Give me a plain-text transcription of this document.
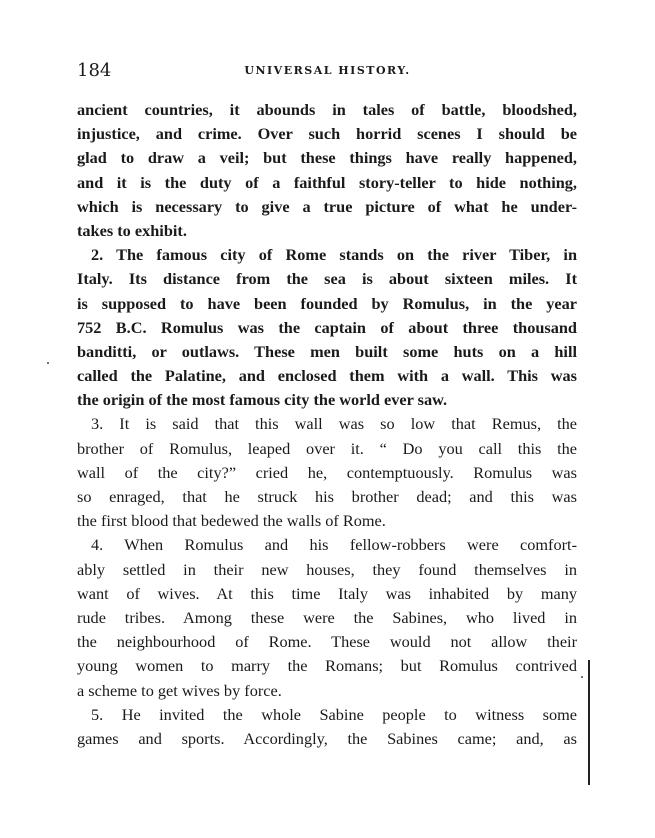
184	UNIVERSAL HISTORY.
ancient countries, it abounds in tales of battle, bloodshed,
injustice, and crime. Over such horrid scenes I should be
glad to draw a veil; but these things have really happened,
and it is the duty of a faithful story-teller to hide nothing,
which is necessary to give a true picture of what he under-
takes to exhibit.
2. The famous city of Rome stands on the river Tiber, in
Italy. Its distance from the sea is about sixteen miles. It
is supposed to have been founded by Romulus, in the year
752 B.C. Romulus was the captain of about three thousand
banditti, or outlaws. These men built some huts on a hill
called the Palatine, and enclosed them with a wall. This was
the origin of the most famous city the world ever saw.
3. It is said that this wall was so low that Remus, the
brother of Romulus, leaped over it. “ Do you call this the
wall of the city?” cried he, contemptuously. Romulus was
so enraged, that he struck his brother dead; and this was
the first blood that bedewed the walls of Rome.
4. When Romulus and his fellow-robbers were comfort-
ably settled in their new houses, they found themselves in
want of wives. At this time Italy was inhabited by many
rude tribes. Among these were the Sabines, who lived in
the neighbourhood of Rome. These would not allow their
young women to marry the Romans; but Romulus contrived
a scheme to get wives by force.
5. He invited the whole Sabine people to witness some
games and sports. Accordingly, the Sabines came; and, as
